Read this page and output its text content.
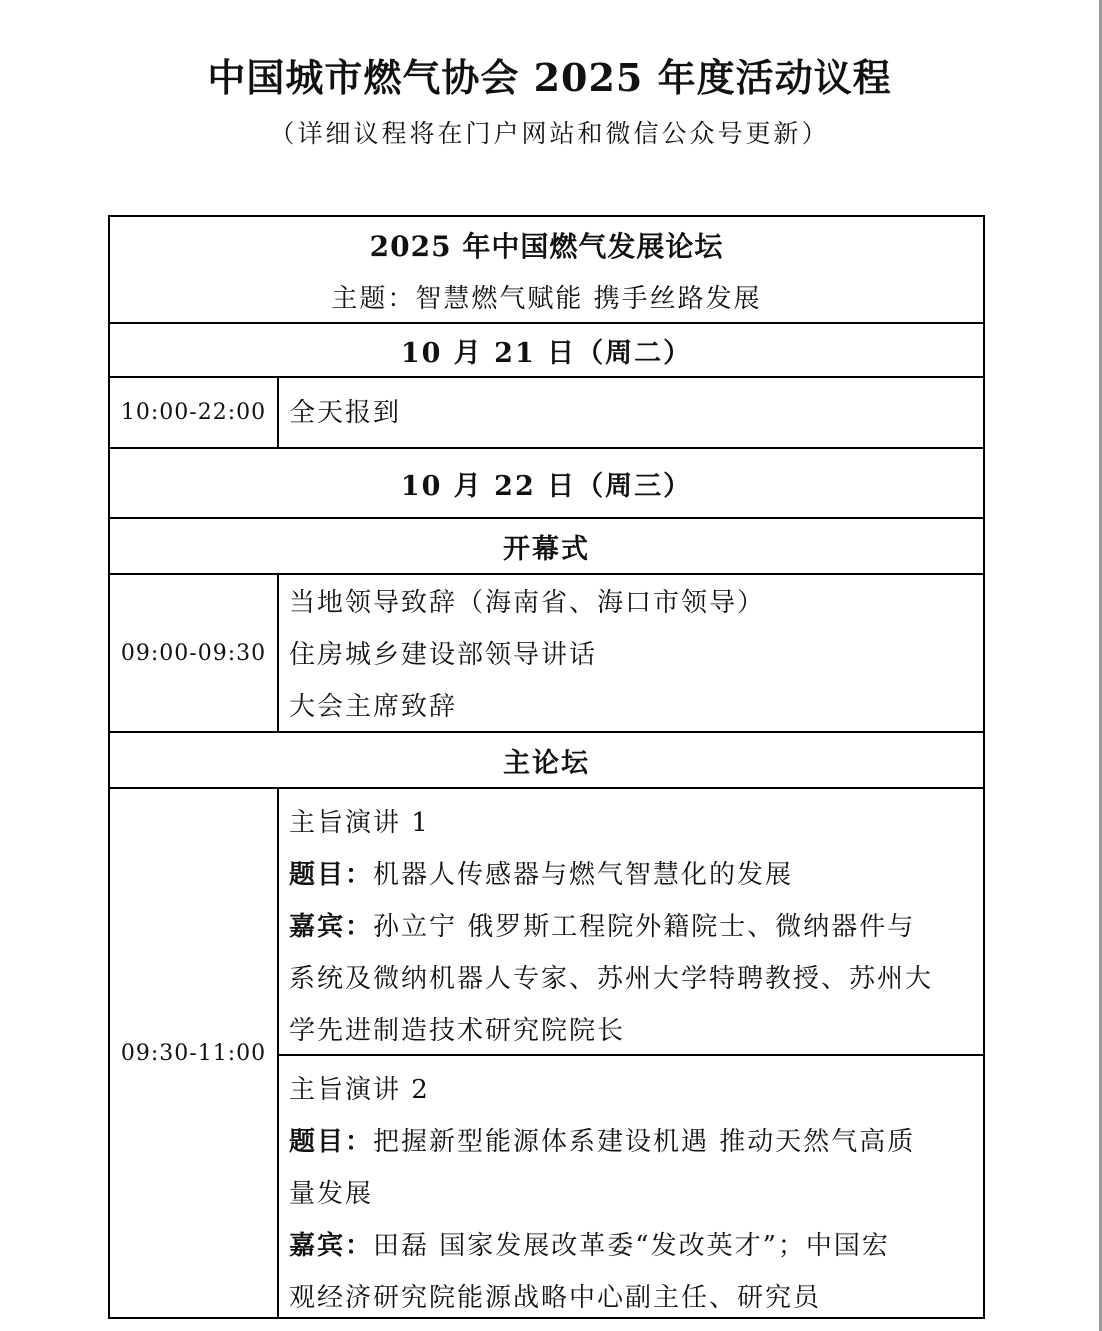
中国城市燃气协会 2025 年度活动议程
（详细议程将在门户网站和微信公众号更新）
2025 年中国燃气发展论坛
主题：智慧燃气赋能 携手丝路发展
10 月 21 日（周二）
10:00-22:00 全天报到
10 月 22 日（周三）
开幕式
09:00-09:30
当地领导致辞（海南省、海口市领导）
住房城乡建设部领导讲话
大会主席致辞
主论坛
09:30-11:00
主旨演讲 1
题目：机器人传感器与燃气智慧化的发展
嘉宾：孙立宁 俄罗斯工程院外籍院士、微纳器件与
系统及微纳机器人专家、苏州大学特聘教授、苏州大
学先进制造技术研究院院长
主旨演讲 2
题目：把握新型能源体系建设机遇 推动天然气高质
量发展
嘉宾：田磊 国家发展改革委“发改英才”；中国宏
观经济研究院能源战略中心副主任、研究员
